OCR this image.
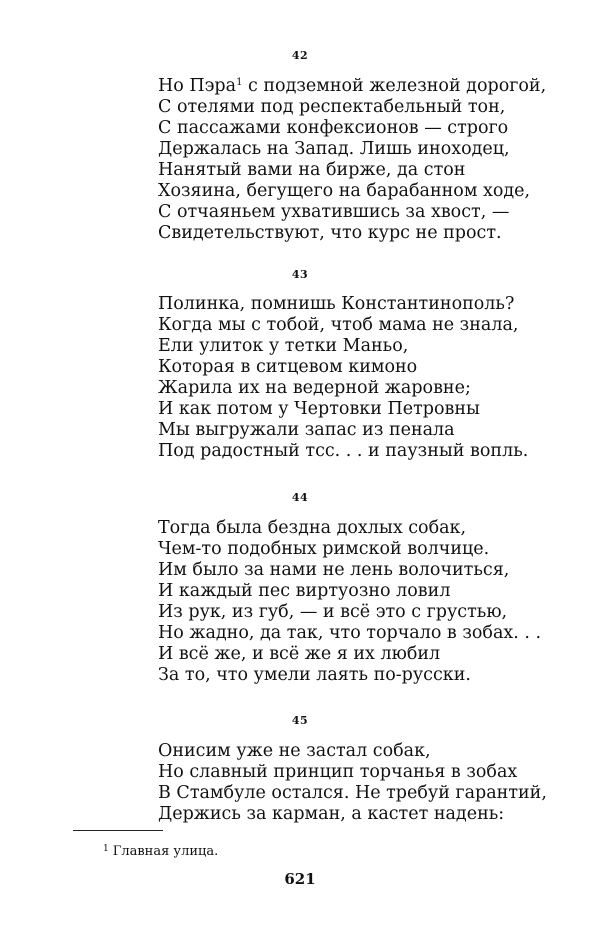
42
Но Пэра$^1$ с подземной железной дорогой,
С отелями под респектабельный тон,
С пассажами конфексионов — строго
Держалась на Запад. Лишь иноходец,
Нанятый вами на бирже, да стон
Хозяина, бегущего на барабанном ходе,
С отчаяньем ухватившись за хвост, —
Свидетельствуют, что курс не прост.
43
Полинка, помнишь Константинополь?
Когда мы с тобой, чтоб мама не знала,
Ели улиток у тетки Маньо,
Которая в ситцевом кимоно
Жарила их на ведерной жаровне;
И как потом у Чертовки Петровны
Мы выгружали запас из пенала
Под радостный тсс. . . и паузный вопль.
44
Тогда была бездна дохлых собак,
Чем-то подобных римской волчице.
Им было за нами не лень волочиться,
И каждый пес виртуозно ловил
Из рук, из губ, — и всё это с грустью,
Но жадно, да так, что торчало в зобах. . .
И всё же, и всё же я их любил
За то, что умели лаять по-русски.
45
Онисим уже не застал собак,
Но славный принцип торчанья в зобах
В Стамбуле остался. Не требуй гарантий,
Держись за карман, а кастет надень:
$^1$ Главная улица.
621
